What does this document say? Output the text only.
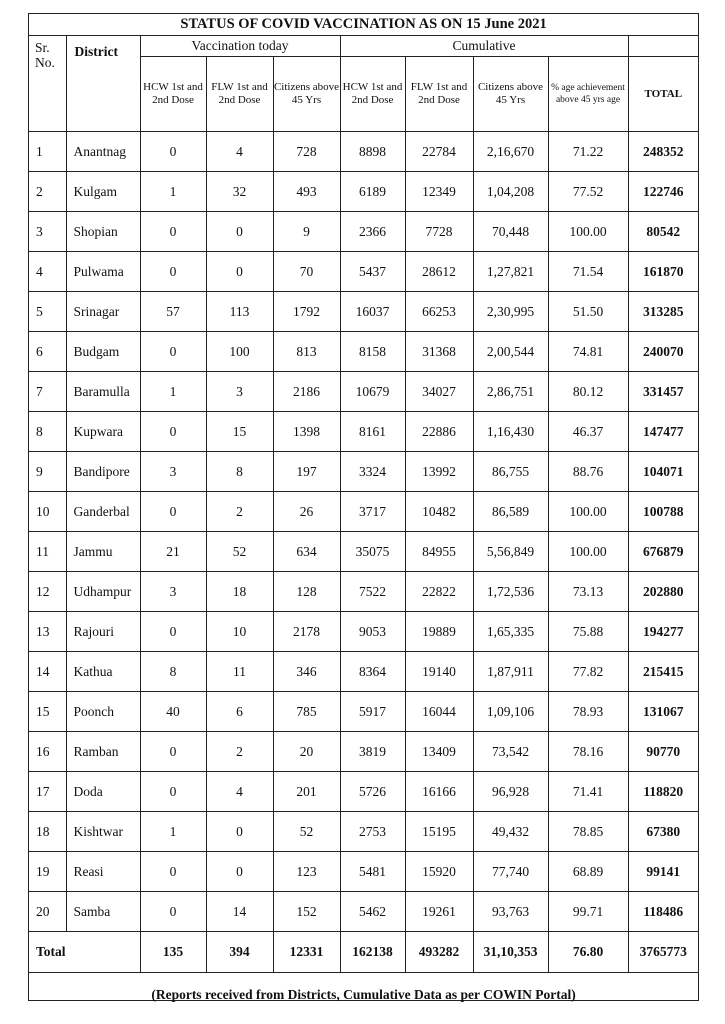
STATUS OF COVID VACCINATION AS ON 15 June 2021									
Sr. No.	District	Vaccination today			Cumulative				
		HCW 1st and 2nd Dose	FLW 1st and 2nd Dose	Citizens above 45 Yrs	HCW 1st and 2nd Dose	FLW 1st and 2nd Dose	Citizens above 45 Yrs	% age achievement above 45 yrs age	TOTAL
1	Anantnag	0	4	728	8898	22784	2,16,670	71.22	248352
2	Kulgam	1	32	493	6189	12349	1,04,208	77.52	122746
3	Shopian	0	0	9	2366	7728	70,448	100.00	80542
4	Pulwama	0	0	70	5437	28612	1,27,821	71.54	161870
5	Srinagar	57	113	1792	16037	66253	2,30,995	51.50	313285
6	Budgam	0	100	813	8158	31368	2,00,544	74.81	240070
7	Baramulla	1	3	2186	10679	34027	2,86,751	80.12	331457
8	Kupwara	0	15	1398	8161	22886	1,16,430	46.37	147477
9	Bandipore	3	8	197	3324	13992	86,755	88.76	104071
10	Ganderbal	0	2	26	3717	10482	86,589	100.00	100788
11	Jammu	21	52	634	35075	84955	5,56,849	100.00	676879
12	Udhampur	3	18	128	7522	22822	1,72,536	73.13	202880
13	Rajouri	0	10	2178	9053	19889	1,65,335	75.88	194277
14	Kathua	8	11	346	8364	19140	1,87,911	77.82	215415
15	Poonch	40	6	785	5917	16044	1,09,106	78.93	131067
16	Ramban	0	2	20	3819	13409	73,542	78.16	90770
17	Doda	0	4	201	5726	16166	96,928	71.41	118820
18	Kishtwar	1	0	52	2753	15195	49,432	78.85	67380
19	Reasi	0	0	123	5481	15920	77,740	68.89	99141
20	Samba	0	14	152	5462	19261	93,763	99.71	118486
Total		135	394	12331	162138	493282	31,10,353	76.80	3765773
(Reports received from Districts, Cumulative Data as per COWIN Portal)									
